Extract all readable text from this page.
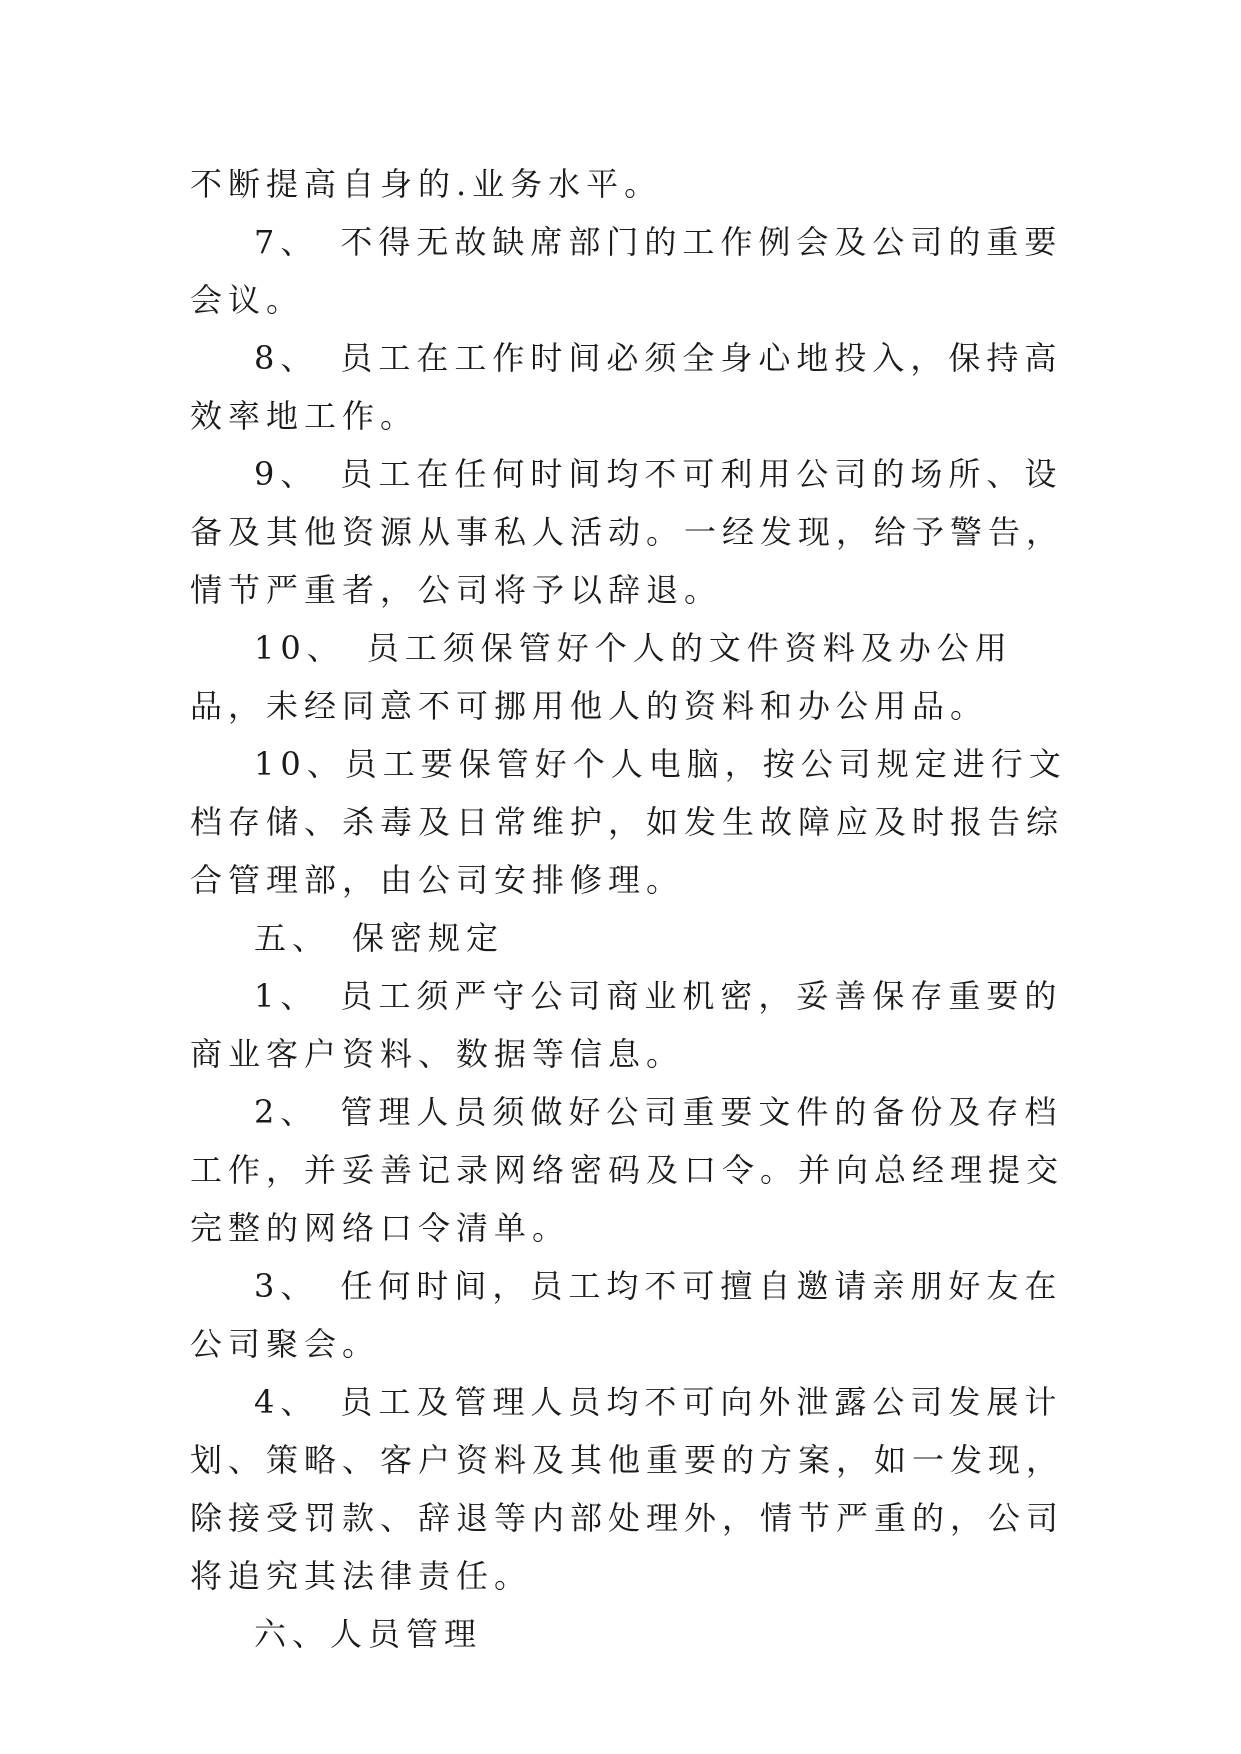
不断提高自身的.业务水平。

7、　不得无故缺席部门的工作例会及公司的重要会议。

8、　员工在工作时间必须全身心地投入，保持高效率地工作。

9、　员工在任何时间均不可利用公司的场所、设备及其他资源从事私人活动。一经发现，给予警告，情节严重者，公司将予以辞退。

10、　员工须保管好个人的文件资料及办公用品，未经同意不可挪用他人的资料和办公用品。

10、员工要保管好个人电脑，按公司规定进行文档存储、杀毒及日常维护，如发生故障应及时报告综合管理部，由公司安排修理。

五、　保密规定

1、　员工须严守公司商业机密，妥善保存重要的商业客户资料、数据等信息。

2、　管理人员须做好公司重要文件的备份及存档工作，并妥善记录网络密码及口令。并向总经理提交完整的网络口令清单。

3、　任何时间，员工均不可擅自邀请亲朋好友在公司聚会。

4、　员工及管理人员均不可向外泄露公司发展计划、策略、客户资料及其他重要的方案，如一发现，除接受罚款、辞退等内部处理外，情节严重的，公司将追究其法律责任。

六、人员管理
